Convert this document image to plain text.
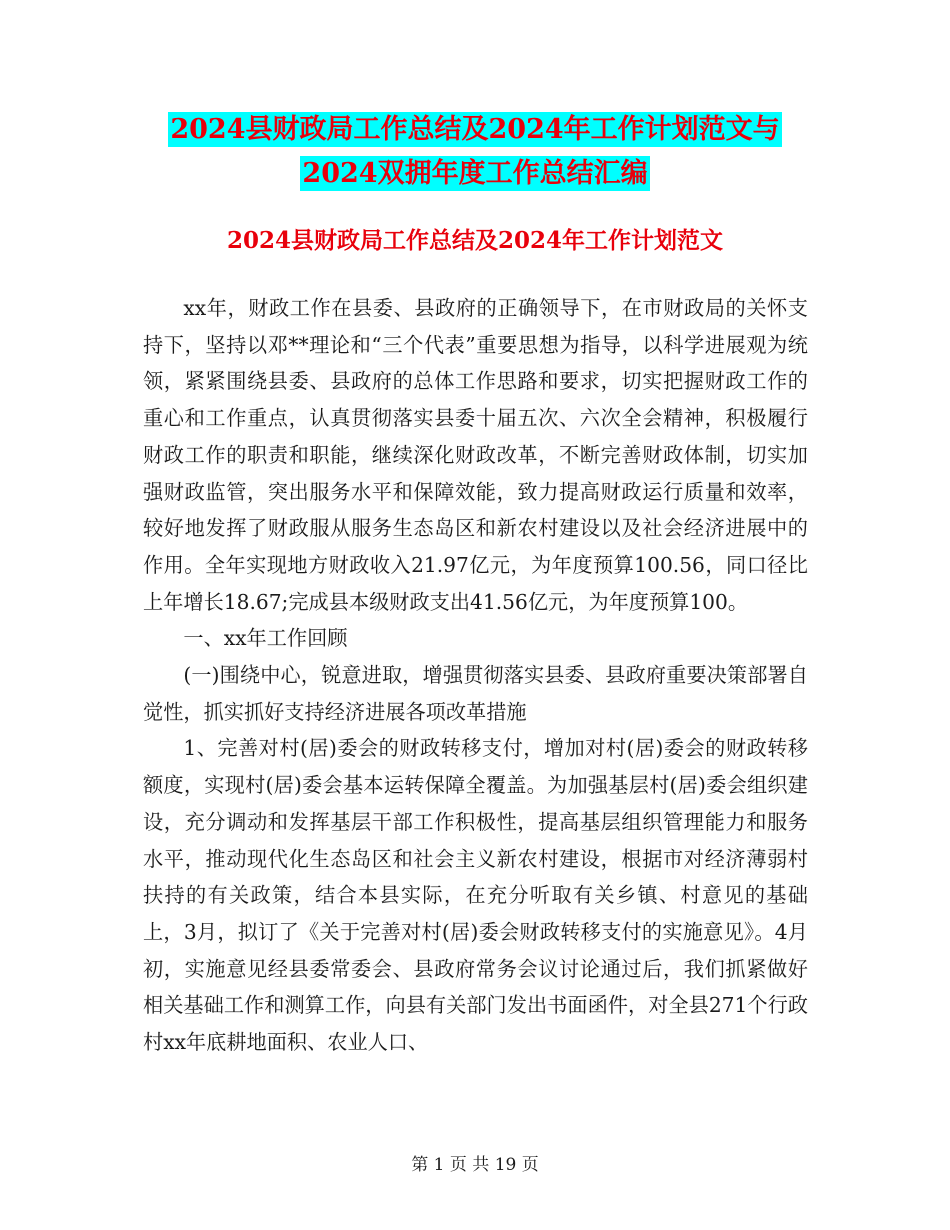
2024县财政局工作总结及2024年工作计划范文与
2024双拥年度工作总结汇编
2024县财政局工作总结及2024年工作计划范文

xx年，财政工作在县委、县政府的正确领导下，在市财政局的关怀支持下，坚持以邓**理论和“三个代表”重要思想为指导，以科学进展观为统领，紧紧围绕县委、县政府的总体工作思路和要求，切实把握财政工作的重心和工作重点，认真贯彻落实县委十届五次、六次全会精神，积极履行财政工作的职责和职能，继续深化财政改革，不断完善财政体制，切实加强财政监管，突出服务水平和保障效能，致力提高财政运行质量和效率，较好地发挥了财政服从服务生态岛区和新农村建设以及社会经济进展中的作用。全年实现地方财政收入21.97亿元，为年度预算100.56，同口径比上年增长18.67;完成县本级财政支出41.56亿元，为年度预算100。

一、xx年工作回顾

(一)围绕中心，锐意进取，增强贯彻落实县委、县政府重要决策部署自觉性，抓实抓好支持经济进展各项改革措施

1、完善对村(居)委会的财政转移支付，增加对村(居)委会的财政转移额度，实现村(居)委会基本运转保障全覆盖。为加强基层村(居)委会组织建设，充分调动和发挥基层干部工作积极性，提高基层组织管理能力和服务水平，推动现代化生态岛区和社会主义新农村建设，根据市对经济薄弱村扶持的有关政策，结合本县实际，在充分听取有关乡镇、村意见的基础上，3月，拟订了《关于完善对村(居)委会财政转移支付的实施意见》。4月初，实施意见经县委常委会、县政府常务会议讨论通过后，我们抓紧做好相关基础工作和测算工作，向县有关部门发出书面函件，对全县271个行政村xx年底耕地面积、农业人口、

第 1 页 共 19 页
